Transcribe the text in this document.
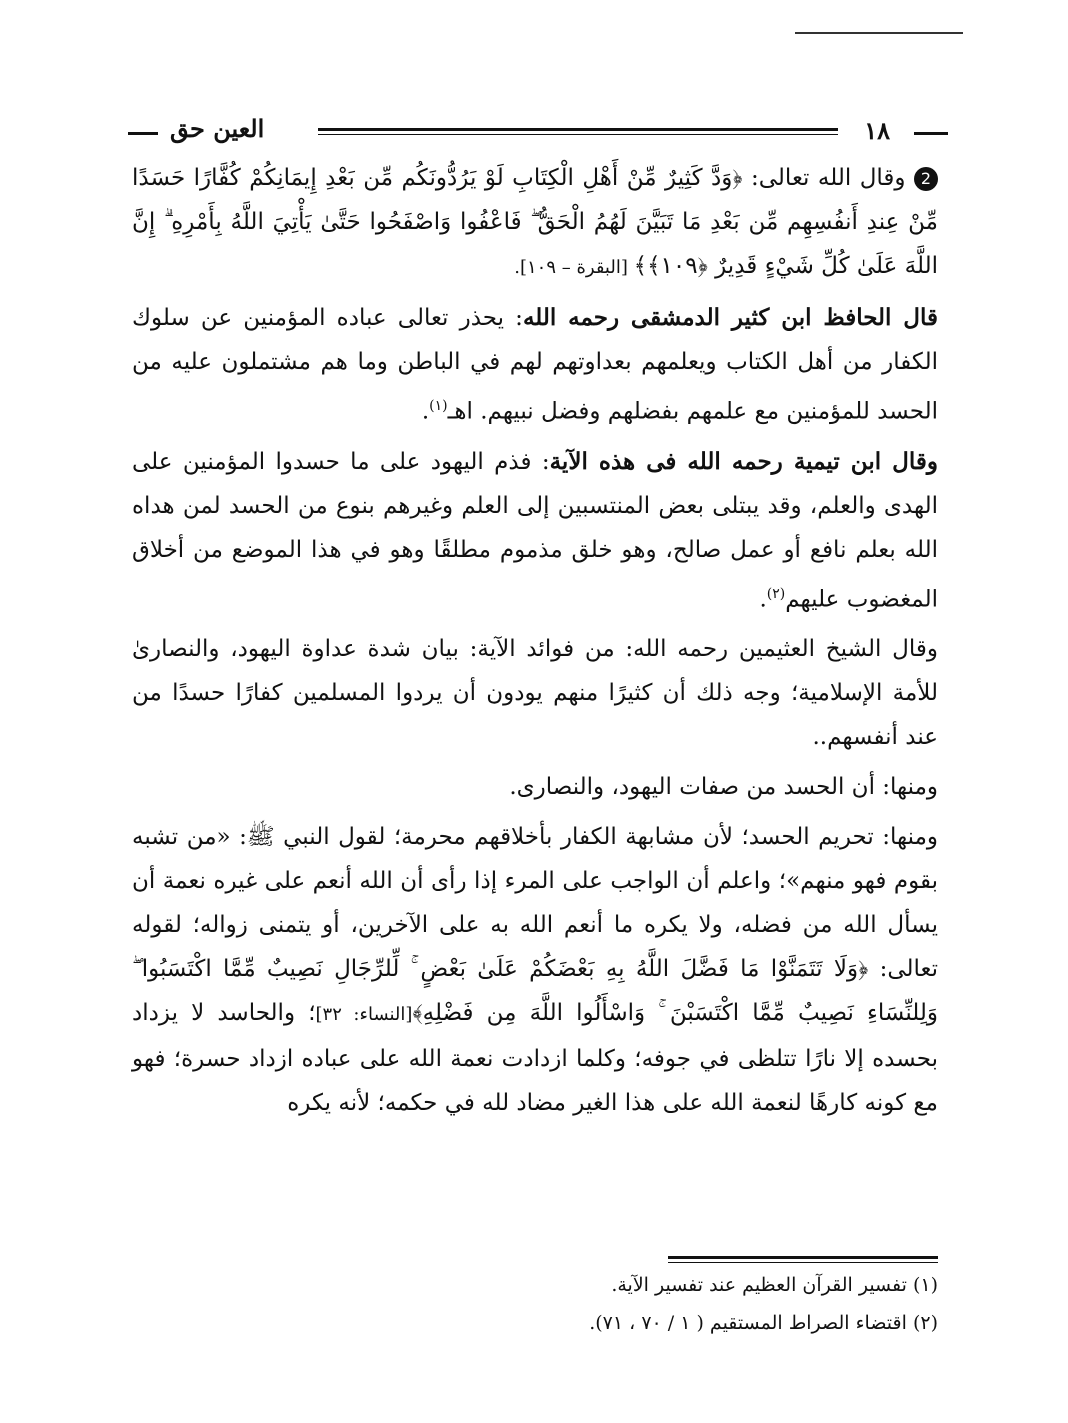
١٨
العين حق

2 وقال الله تعالى: ﴿وَدَّ كَثِيرٌ مِّنْ أَهْلِ الْكِتَابِ لَوْ يَرُدُّونَكُم مِّن بَعْدِ إِيمَانِكُمْ كُفَّارًا حَسَدًا مِّنْ عِندِ أَنفُسِهِم مِّن بَعْدِ مَا تَبَيَّنَ لَهُمُ الْحَقُّ ۖ فَاعْفُوا وَاصْفَحُوا حَتَّىٰ يَأْتِيَ اللَّهُ بِأَمْرِهِ ۗ إِنَّ اللَّهَ عَلَىٰ كُلِّ شَيْءٍ قَدِيرٌ ﴿١٠٩﴾﴾ [البقرة – ١٠٩].

قال الحافظ ابن كثير الدمشقى رحمه الله: يحذر تعالى عباده المؤمنين عن سلوك الكفار من أهل الكتاب ويعلمهم بعداوتهم لهم في الباطن وما هم مشتملون عليه من الحسد للمؤمنين مع علمهم بفضلهم وفضل نبيهم. اهـ$^{(١)}$.

وقال ابن تيمية رحمه الله فى هذه الآية: فذم اليهود على ما حسدوا المؤمنين على الهدى والعلم، وقد يبتلى بعض المنتسبين إلى العلم وغيرهم بنوع من الحسد لمن هداه الله بعلم نافع أو عمل صالح، وهو خلق مذموم مطلقًا وهو في هذا الموضع من أخلاق المغضوب عليهم$^{(٢)}$.

وقال الشيخ العثيمين رحمه الله: من فوائد الآية: بيان شدة عداوة اليهود، والنصارىٰ للأمة الإسلامية؛ وجه ذلك أن كثيرًا منهم يودون أن يردوا المسلمين كفارًا حسدًا من عند أنفسهم..

ومنها: أن الحسد من صفات اليهود، والنصارى.

ومنها: تحريم الحسد؛ لأن مشابهة الكفار بأخلاقهم محرمة؛ لقول النبي ﷺ: «من تشبه بقوم فهو منهم»؛ واعلم أن الواجب على المرء إذا رأى أن الله أنعم على غيره نعمة أن يسأل الله من فضله، ولا يكره ما أنعم الله به على الآخرين، أو يتمنى زواله؛ لقوله تعالى: ﴿وَلَا تَتَمَنَّوْا مَا فَضَّلَ اللَّهُ بِهِ بَعْضَكُمْ عَلَىٰ بَعْضٍ ۚ لِّلرِّجَالِ نَصِيبٌ مِّمَّا اكْتَسَبُوا ۖ وَلِلنِّسَاءِ نَصِيبٌ مِّمَّا اكْتَسَبْنَ ۚ وَاسْأَلُوا اللَّهَ مِن فَضْلِهِ﴾[النساء: ٣٢]؛ والحاسد لا يزداد بحسده إلا نارًا تتلظى في جوفه؛ وكلما ازدادت نعمة الله على عباده ازداد حسرة؛ فهو مع كونه كارهًا لنعمة الله على هذا الغير مضاد لله في حكمه؛ لأنه يكره

(١) تفسير القرآن العظيم عند تفسير الآية.
(٢) اقتضاء الصراط المستقيم ( ١ / ٧٠ ، ٧١).
